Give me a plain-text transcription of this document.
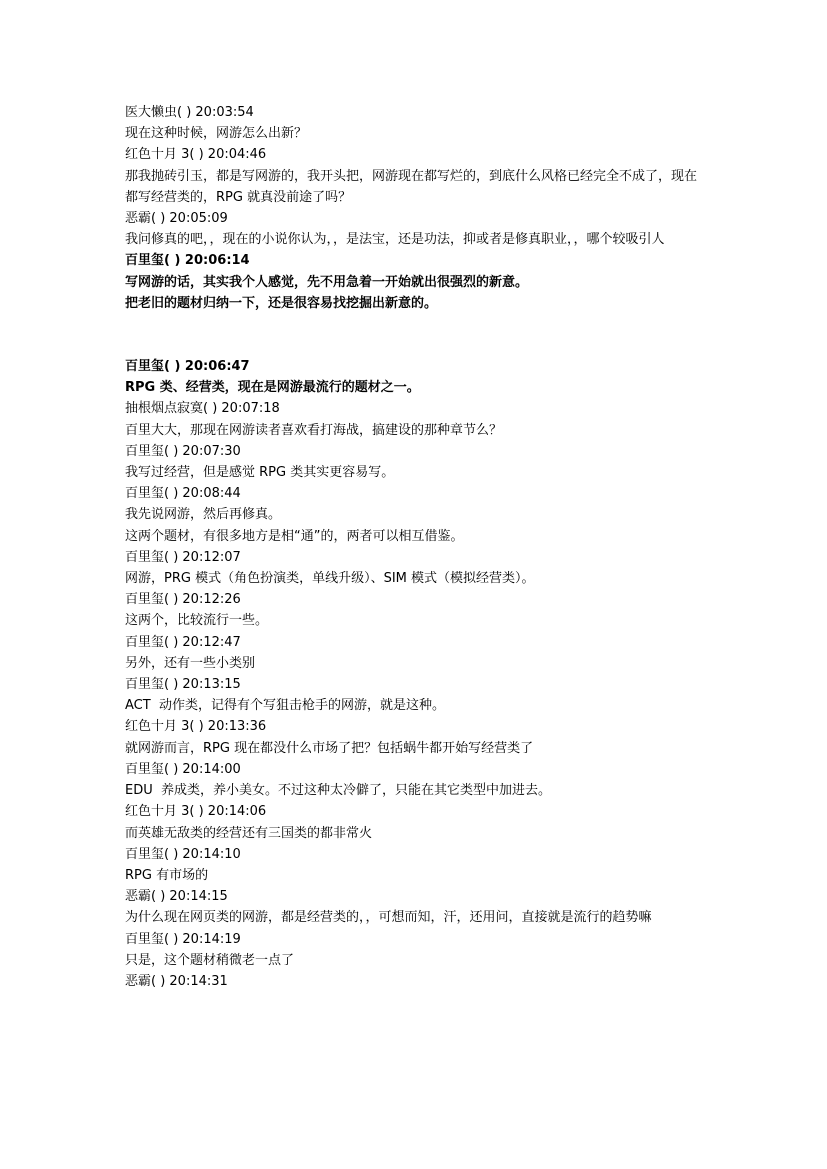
医大懒虫( ) 20:03:54
现在这种时候，网游怎么出新？
红色十月 3( ) 20:04:46
那我抛砖引玉，都是写网游的，我开头把，网游现在都写烂的，到底什么风格已经完全不成了，现在都写经营类的，RPG 就真没前途了吗？
恶霸( ) 20:05:09
我问修真的吧，，现在的小说你认为，，是法宝，还是功法，抑或者是修真职业，，哪个较吸引人
百里玺( ) 20:06:14
写网游的话，其实我个人感觉，先不用急着一开始就出很强烈的新意。
把老旧的题材归纳一下，还是很容易找挖掘出新意的。
百里玺( ) 20:06:47
RPG 类、经营类，现在是网游最流行的题材之一。
抽根烟点寂寞( ) 20:07:18
百里大大，那现在网游读者喜欢看打海战，搞建设的那种章节么？
百里玺( ) 20:07:30
我写过经营，但是感觉 RPG 类其实更容易写。
百里玺( ) 20:08:44
我先说网游，然后再修真。
这两个题材，有很多地方是相“通”的，两者可以相互借鉴。
百里玺( ) 20:12:07
网游，PRG 模式（角色扮演类，单线升级）、SIM 模式（模拟经营类）。
百里玺( ) 20:12:26
这两个，比较流行一些。
百里玺( ) 20:12:47
另外，还有一些小类别
百里玺( ) 20:13:15
ACT  动作类，记得有个写狙击枪手的网游，就是这种。
红色十月 3( ) 20:13:36
就网游而言，RPG 现在都没什么市场了把？包括蜗牛都开始写经营类了
百里玺( ) 20:14:00
EDU  养成类，养小美女。不过这种太冷僻了，只能在其它类型中加进去。
红色十月 3( ) 20:14:06
而英雄无敌类的经营还有三国类的都非常火
百里玺( ) 20:14:10
RPG 有市场的
恶霸( ) 20:14:15
为什么现在网页类的网游，都是经营类的，，可想而知，汗，还用问，直接就是流行的趋势嘛
百里玺( ) 20:14:19
只是，这个题材稍微老一点了
恶霸( ) 20:14:31
